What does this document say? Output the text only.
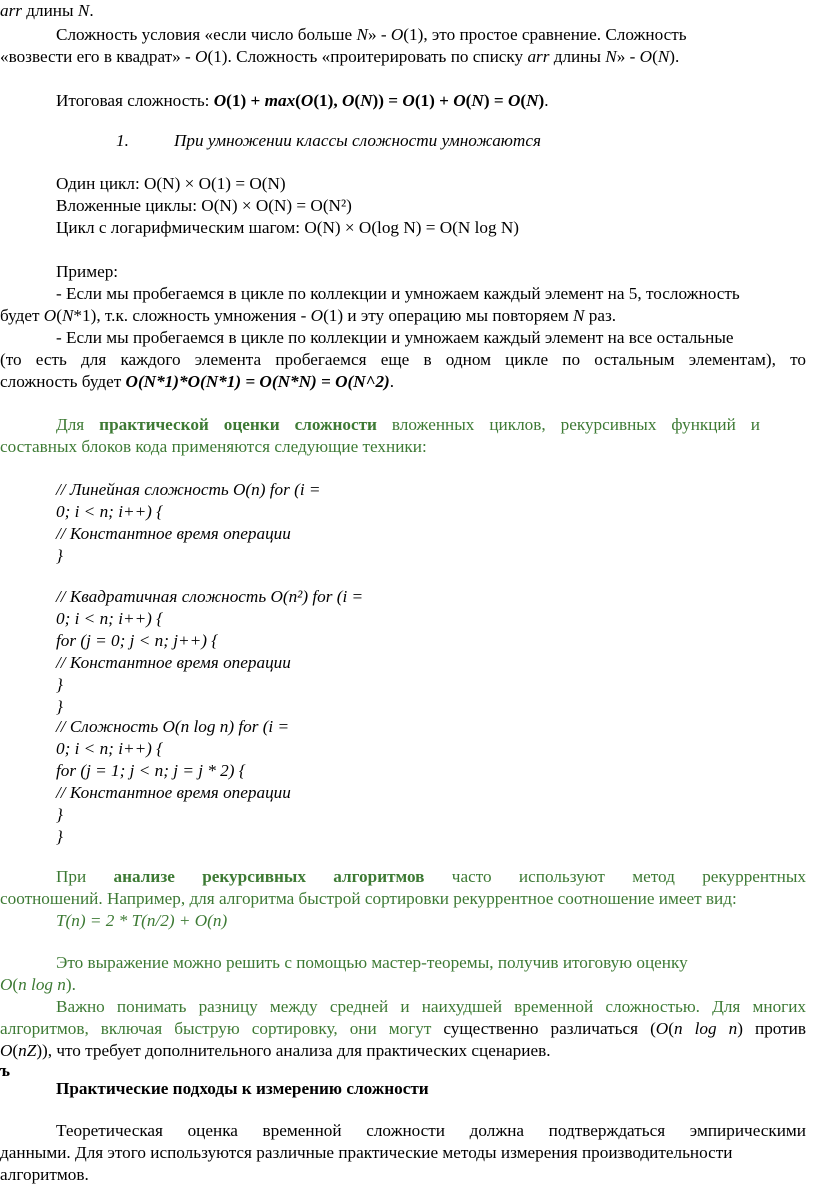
arr длины N.
Сложность условия «если число больше N» - O(1), это простое сравнение. Сложность
«возвести его в квадрат» - O(1). Сложность «проитерировать по списку arr длины N» - O(N).
Итоговая сложность: O(1) + max(O(1), O(N)) = O(1) + O(N) = O(N).
1.	При умножении классы сложности умножаются
Один цикл: O(N) × O(1) = O(N)
Вложенные циклы: O(N) × O(N) = O(N²)
Цикл с логарифмическим шагом: O(N) × O(log N) = O(N log N)
Пример:
- Если мы пробегаемся в цикле по коллекции и умножаем каждый элемент на 5, тосложность
будет O(N*1), т.к. сложность умножения - O(1) и эту операцию мы повторяем N раз.
- Если мы пробегаемся в цикле по коллекции и умножаем каждый элемент на все остальные
(то есть для каждого элемента пробегаемся еще в одном цикле по остальным элементам), то
сложность будет O(N*1)*O(N*1) = O(N*N) = O(N^2).
Для практической оценки сложности вложенных циклов, рекурсивных функций и
составных блоков кода применяются следующие техники:
// Линейная сложность O(n) for (i =
0; i < n; i++) {
// Константное время операции
}
// Квадратичная сложность O(n²) for (i =
0; i < n; i++) {
for (j = 0; j < n; j++) {
// Константное время операции
}
}
// Сложность O(n log n) for (i =
0; i < n; i++) {
for (j = 1; j < n; j = j * 2) {
// Константное время операции
}
}
При анализе рекурсивных алгоритмов часто используют метод рекуррентных
соотношений. Например, для алгоритма быстрой сортировки рекуррентное соотношение имеет вид:
T(n) = 2 * T(n/2) + O(n)
Это выражение можно решить с помощью мастер-теоремы, получив итоговую оценку
O(n log n).
Важно понимать разницу между средней и наихудшей временной сложностью. Для многих
алгоритмов, включая быструю сортировку, они могут существенно различаться (O(n log n) против
O(nZ)), что требует дополнительного анализа для практических сценариев.
ъ
Практические подходы к измерению сложности
Теоретическая оценка временной сложности должна подтверждаться эмпирическими
данными. Для этого используются различные практические методы измерения производительности
алгоритмов.
